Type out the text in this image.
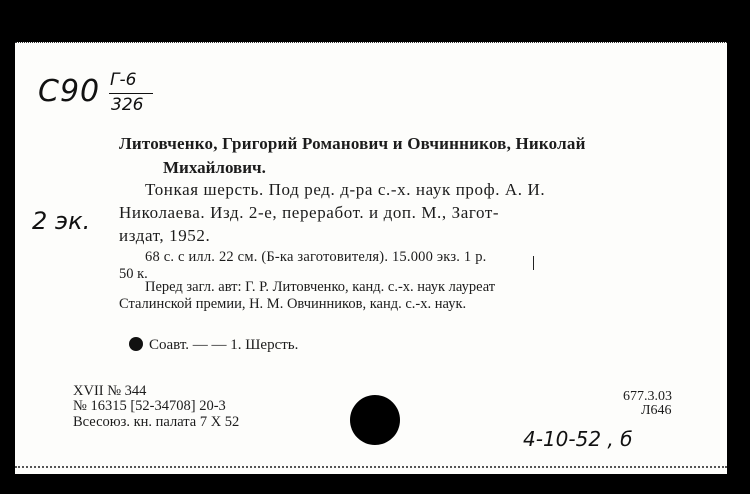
С90 Г-6
326
Литовченко, Григорий Романович и Овчинников, Николай
Михайлович.
Тонкая шерсть. Под ред. д-ра с.-х. наук проф. А. И.
Николаева. Изд. 2-е, переработ. и доп. М., Загот-
издат, 1952.
2 эк.
68 с. с илл. 22 см. (Б-ка заготовителя). 15.000 экз. 1 р.
50 к.
Перед загл. авт: Г. Р. Литовченко, канд. с.-х. наук лауреат
Сталинской премии, Н. М. Овчинников, канд. с.-х. наук.
Соавт. — — 1. Шерсть.
XVII № 344
№ 16315 [52-34708] 20-3
Всесоюз. кн. палата 7 X 52
677.3.03
Л646
4-10-52 , б
